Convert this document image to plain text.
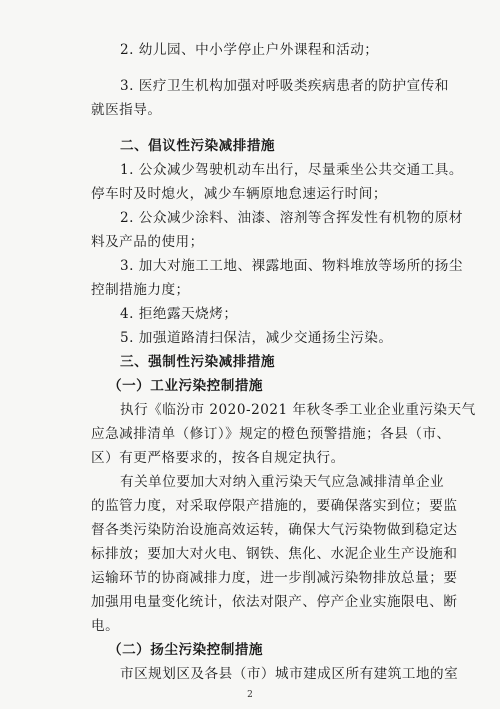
2. 幼儿园、中小学停止户外课程和活动；
3. 医疗卫生机构加强对呼吸类疾病患者的防护宣传和
就医指导。
二、倡议性污染减排措施
1. 公众减少驾驶机动车出行，尽量乘坐公共交通工具。
停车时及时熄火，减少车辆原地怠速运行时间；
2. 公众减少涂料、油漆、溶剂等含挥发性有机物的原材
料及产品的使用；
3. 加大对施工工地、裸露地面、物料堆放等场所的扬尘
控制措施力度；
4. 拒绝露天烧烤；
5. 加强道路清扫保洁，减少交通扬尘污染。
三、强制性污染减排措施
（一）工业污染控制措施
执行《临汾市 2020-2021 年秋冬季工业企业重污染天气
应急减排清单（修订）》规定的橙色预警措施；各县（市、
区）有更严格要求的，按各自规定执行。
有关单位要加大对纳入重污染天气应急减排清单企业
的监管力度，对采取停限产措施的，要确保落实到位；要监
督各类污染防治设施高效运转，确保大气污染物做到稳定达
标排放；要加大对火电、钢铁、焦化、水泥企业生产设施和
运输环节的协商减排力度，进一步削减污染物排放总量；要
加强用电量变化统计，依法对限产、停产企业实施限电、断
电。
（二）扬尘污染控制措施
市区规划区及各县（市）城市建成区所有建筑工地的室
2
